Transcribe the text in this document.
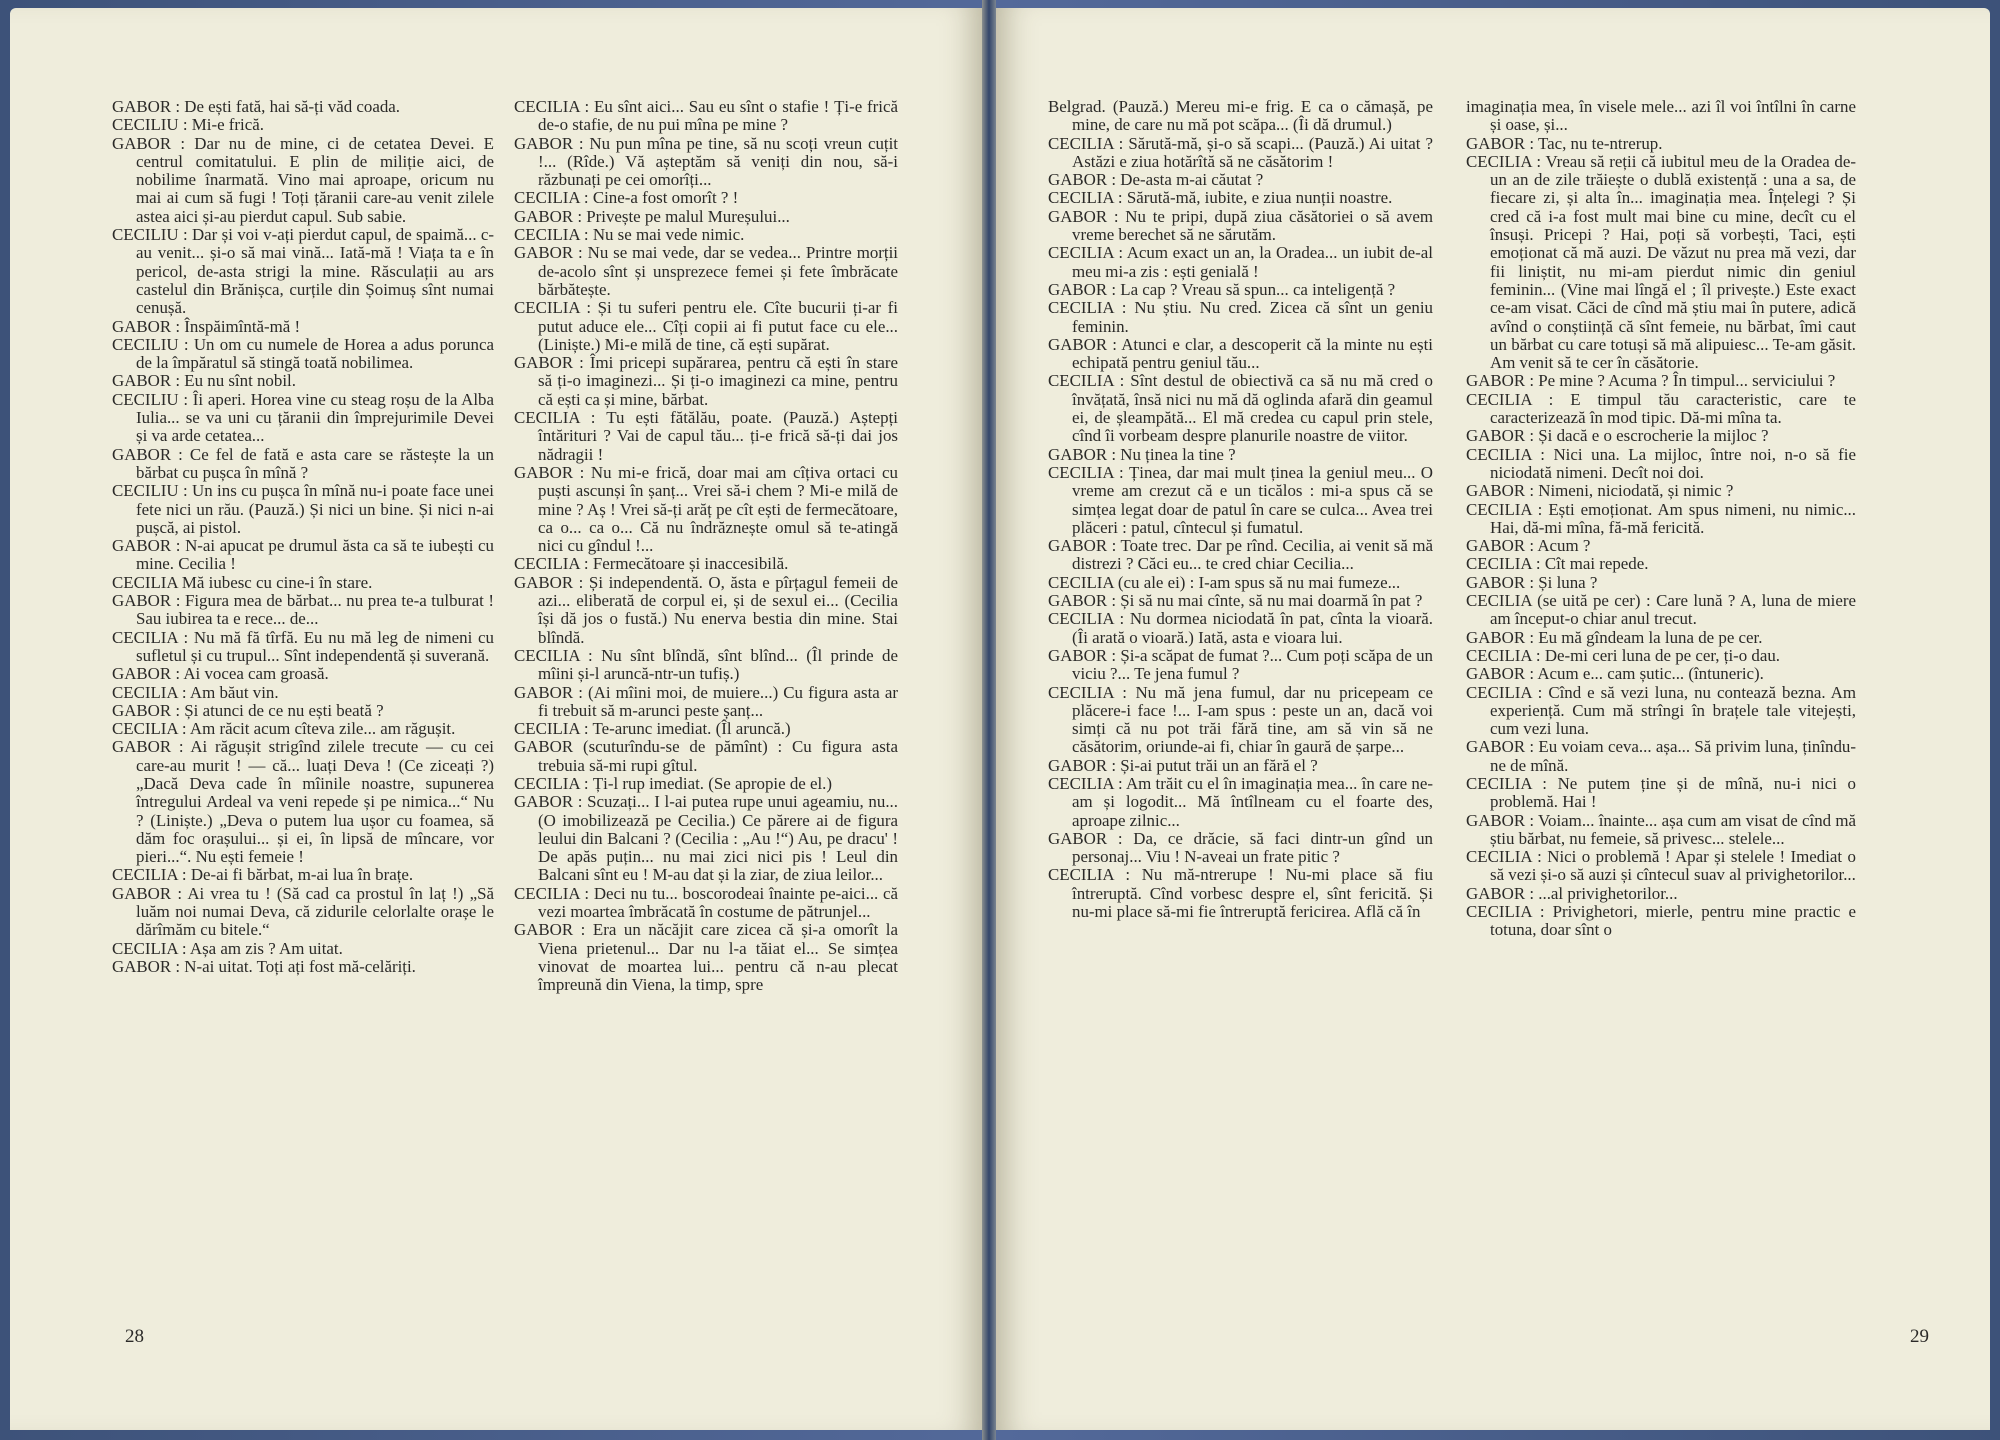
GABOR : De ești fată, hai să-ți văd coada.

CECILIU : Mi-e frică.

GABOR : Dar nu de mine, ci de cetatea Devei. E centrul comitatului. E plin de miliție aici, de nobilime înarmată. Vino mai aproape, oricum nu mai ai cum să fugi ! Toți țăranii care-au venit zilele astea aici și-au pierdut capul. Sub sabie.

CECILIU : Dar și voi v-ați pierdut capul, de spaimă... c-au venit... și-o să mai vină... Iată-mă ! Viața ta e în pericol, de-asta strigi la mine. Răsculații au ars castelul din Brănișca, curțile din Șoimuș sînt numai cenușă.

GABOR : Înspăimîntă-mă !

CECILIU : Un om cu numele de Horea a adus porunca de la împăratul să stingă toată nobilimea.

GABOR : Eu nu sînt nobil.

CECILIU : Îi aperi. Horea vine cu steag roșu de la Alba Iulia... se va uni cu țăranii din împrejurimile Devei și va arde cetatea...

GABOR : Ce fel de fată e asta care se răstește la un bărbat cu pușca în mînă ?

CECILIU : Un ins cu pușca în mînă nu-i poate face unei fete nici un rău. (Pauză.) Și nici un bine. Și nici n-ai pușcă, ai pistol.

GABOR : N-ai apucat pe drumul ăsta ca să te iubești cu mine. Cecilia !

CECILIA Mă iubesc cu cine-i în stare.

GABOR : Figura mea de bărbat... nu prea te-a tulburat ! Sau iubirea ta e rece... de...

CECILIA : Nu mă fă tîrfă. Eu nu mă leg de nimeni cu sufletul și cu trupul... Sînt independentă și suverană.

GABOR : Ai vocea cam groasă.

CECILIA : Am băut vin.

GABOR : Și atunci de ce nu ești beată ?

CECILIA : Am răcit acum cîteva zile... am răgușit.

GABOR : Ai răgușit strigînd zilele trecute — cu cei care-au murit ! — că... luați Deva ! (Ce ziceați ?) „Dacă Deva cade în mîinile noastre, supunerea întregului Ardeal va veni repede și pe nimica...“ Nu ? (Liniște.) „Deva o putem lua ușor cu foamea, să dăm foc orașului... și ei, în lipsă de mîncare, vor pieri...“. Nu ești femeie !

CECILIA : De-ai fi bărbat, m-ai lua în brațe.

GABOR : Ai vrea tu ! (Să cad ca prostul în laț !) „Să luăm noi numai Deva, că zidurile celorlalte orașe le dărîmăm cu bitele.“

CECILIA : Așa am zis ? Am uitat.

GABOR : N-ai uitat. Toți ați fost mă-celăriți.

CECILIA : Eu sînt aici... Sau eu sînt o stafie ! Ți-e frică de-o stafie, de nu pui mîna pe mine ?

GABOR : Nu pun mîna pe tine, să nu scoți vreun cuțit !... (Rîde.) Vă așteptăm să veniți din nou, să-i răzbunați pe cei omorîți...

CECILIA : Cine-a fost omorît ? !

GABOR : Privește pe malul Mureșului...

CECILIA : Nu se mai vede nimic.

GABOR : Nu se mai vede, dar se vedea... Printre morții de-acolo sînt și unsprezece femei și fete îmbrăcate bărbătește.

CECILIA : Și tu suferi pentru ele. Cîte bucurii ți-ar fi putut aduce ele... Cîți copii ai fi putut face cu ele... (Liniște.) Mi-e milă de tine, că ești supărat.

GABOR : Îmi pricepi supărarea, pentru că ești în stare să ți-o imaginezi... Și ți-o imaginezi ca mine, pentru că ești ca și mine, bărbat.

CECILIA : Tu ești fătălău, poate. (Pauză.) Aștepți întărituri ? Vai de capul tău... ți-e frică să-ți dai jos nădragii !

GABOR : Nu mi-e frică, doar mai am cîțiva ortaci cu puști ascunși în șanț... Vrei să-i chem ? Mi-e milă de mine ? Aș ! Vrei să-ți arăț pe cît ești de fermecătoare, ca o... ca o... Că nu îndrăznește omul să te-atingă nici cu gîndul !...

CECILIA : Fermecătoare și inaccesibilă.

GABOR : Și independentă. O, ăsta e pîrțagul femeii de azi... eliberată de corpul ei, și de sexul ei... (Cecilia își dă jos o fustă.) Nu enerva bestia din mine. Stai blîndă.

CECILIA : Nu sînt blîndă, sînt blînd... (Îl prinde de mîini și-l aruncă-ntr-un tufiș.)

GABOR : (Ai mîini moi, de muiere...) Cu figura asta ar fi trebuit să m-arunci peste șanț...

CECILIA : Te-arunc imediat. (Îl aruncă.)

GABOR (scuturîndu-se de pămînt) : Cu figura asta trebuia să-mi rupi gîtul.

CECILIA : Ți-l rup imediat. (Se apropie de el.)

GABOR : Scuzați... I l-ai putea rupe unui ageamiu, nu... (O imobilizează pe Cecilia.) Ce părere ai de figura leului din Balcani ? (Cecilia : „Au !“) Au, pe dracu' ! De apăs puțin... nu mai zici nici pis ! Leul din Balcani sînt eu ! M-au dat și la ziar, de ziua leilor...

CECILIA : Deci nu tu... boscorodeai înainte pe-aici... că vezi moartea îmbrăcată în costume de pătrunjel...

GABOR : Era un năcăjit care zicea că și-a omorît la Viena prietenul... Dar nu l-a tăiat el... Se simțea vinovat de moartea lui... pentru că n-au plecat împreună din Viena, la timp, spre

28

Belgrad. (Pauză.) Mereu mi-e frig. E ca o cămașă, pe mine, de care nu mă pot scăpa... (Îi dă drumul.)

CECILIA : Sărută-mă, și-o să scapi... (Pauză.) Ai uitat ? Astăzi e ziua hotărîtă să ne căsătorim !

GABOR : De-asta m-ai căutat ?

CECILIA : Sărută-mă, iubite, e ziua nunții noastre.

GABOR : Nu te pripi, după ziua căsătoriei o să avem vreme berechet să ne sărutăm.

CECILIA : Acum exact un an, la Oradea... un iubit de-al meu mi-a zis : ești genială !

GABOR : La cap ? Vreau să spun... ca inteligență ?

CECILIA : Nu știu. Nu cred. Zicea că sînt un geniu feminin.

GABOR : Atunci e clar, a descoperit că la minte nu ești echipată pentru geniul tău...

CECILIA : Sînt destul de obiectivă ca să nu mă cred o învățată, însă nici nu mă dă oglinda afară din geamul ei, de șleampătă... El mă credea cu capul prin stele, cînd îi vorbeam despre planurile noastre de viitor.

GABOR : Nu ținea la tine ?

CECILIA : Ținea, dar mai mult ținea la geniul meu... O vreme am crezut că e un ticălos : mi-a spus că se simțea legat doar de patul în care se culca... Avea trei plăceri : patul, cîntecul și fumatul.

GABOR : Toate trec. Dar pe rînd. Cecilia, ai venit să mă distrezi ? Căci eu... te cred chiar Cecilia...

CECILIA (cu ale ei) : I-am spus să nu mai fumeze...

GABOR : Și să nu mai cînte, să nu mai doarmă în pat ?

CECILIA : Nu dormea niciodată în pat, cînta la vioară. (Îi arată o vioară.) Iată, asta e vioara lui.

GABOR : Și-a scăpat de fumat ?... Cum poți scăpa de un viciu ?... Te jena fumul ?

CECILIA : Nu mă jena fumul, dar nu pricepeam ce plăcere-i face !... I-am spus : peste un an, dacă voi simți că nu pot trăi fără tine, am să vin să ne căsătorim, oriunde-ai fi, chiar în gaură de șarpe...

GABOR : Și-ai putut trăi un an fără el ?

CECILIA : Am trăit cu el în imaginația mea... în care ne-am și logodit... Mă întîlneam cu el foarte des, aproape zilnic...

GABOR : Da, ce drăcie, să faci dintr-un gînd un personaj... Viu ! N-aveai un frate pitic ?

CECILIA : Nu mă-ntrerupe ! Nu-mi place să fiu întreruptă. Cînd vorbesc despre el, sînt fericită. Și nu-mi place să-mi fie întreruptă fericirea. Află că în

imaginația mea, în visele mele... azi îl voi întîlni în carne și oase, și...

GABOR : Tac, nu te-ntrerup.

CECILIA : Vreau să reții că iubitul meu de la Oradea de-un an de zile trăiește o dublă existență : una a sa, de fiecare zi, și alta în... imaginația mea. Înțelegi ? Și cred că i-a fost mult mai bine cu mine, decît cu el însuși. Pricepi ? Hai, poți să vorbești, Taci, ești emoționat că mă auzi. De văzut nu prea mă vezi, dar fii liniștit, nu mi-am pierdut nimic din geniul feminin... (Vine mai lîngă el ; îl privește.) Este exact ce-am visat. Căci de cînd mă știu mai în putere, adică avînd o conștiință că sînt femeie, nu bărbat, îmi caut un bărbat cu care totuși să mă alipuiesc... Te-am găsit. Am venit să te cer în căsătorie.

GABOR : Pe mine ? Acuma ? În timpul... serviciului ?

CECILIA : E timpul tău caracteristic, care te caracterizează în mod tipic. Dă-mi mîna ta.

GABOR : Și dacă e o escrocherie la mijloc ?

CECILIA : Nici una. La mijloc, între noi, n-o să fie niciodată nimeni. Decît noi doi.

GABOR : Nimeni, niciodată, și nimic ?

CECILIA : Ești emoționat. Am spus nimeni, nu nimic... Hai, dă-mi mîna, fă-mă fericită.

GABOR : Acum ?

CECILIA : Cît mai repede.

GABOR : Și luna ?

CECILIA (se uită pe cer) : Care lună ? A, luna de miere am început-o chiar anul trecut.

GABOR : Eu mă gîndeam la luna de pe cer.

CECILIA : De-mi ceri luna de pe cer, ți-o dau.

GABOR : Acum e... cam șutic... (întuneric).

CECILIA : Cînd e să vezi luna, nu contează bezna. Am experiență. Cum mă strîngi în brațele tale vitejești, cum vezi luna.

GABOR : Eu voiam ceva... așa... Să privim luna, ținîndu-ne de mînă.

CECILIA : Ne putem ține și de mînă, nu-i nici o problemă. Hai !

GABOR : Voiam... înainte... așa cum am visat de cînd mă știu bărbat, nu femeie, să privesc... stelele...

CECILIA : Nici o problemă ! Apar și stelele ! Imediat o să vezi și-o să auzi și cîntecul suav al privighetorilor...

GABOR : ...al privighetorilor...

CECILIA : Privighetori, mierle, pentru mine practic e totuna, doar sînt o

29
